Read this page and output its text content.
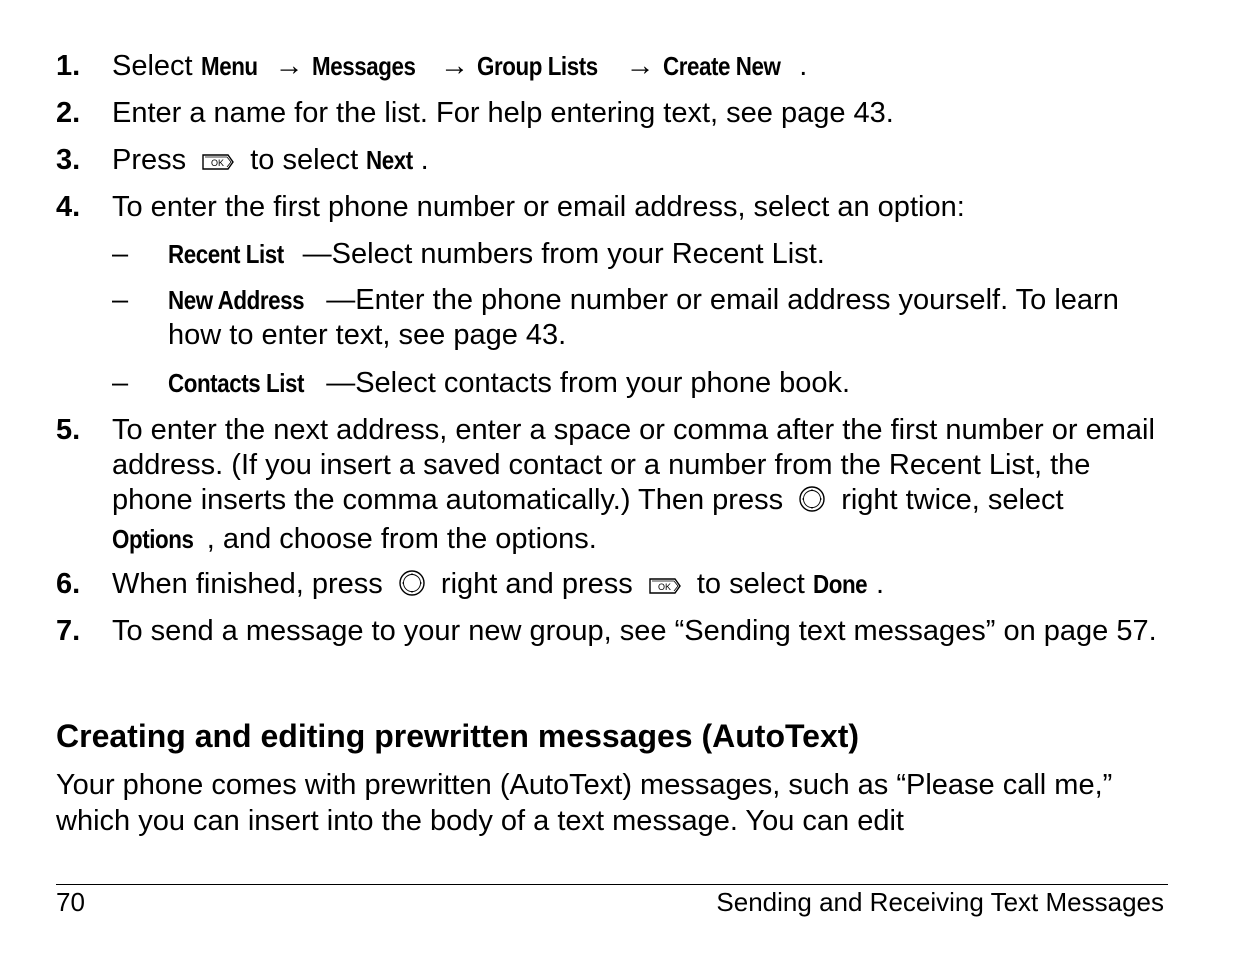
1. Select Menu → Messages → Group Lists → Create New .
2. Enter a name for the list. For help entering text, see page 43.
3. Press OK to select Next .
4. To enter the first phone number or email address, select an option:
– Recent List —Select numbers from your Recent List.
– New Address —Enter the phone number or email address yourself. To learn how to enter text, see page 43.
– Contacts List —Select contacts from your phone book.
5. To enter the next address, enter a space or comma after the first number or email address. (If you insert a saved contact or a number from the Recent List, the phone inserts the comma automatically.) Then press  right twice, select Options , and choose from the options.
6. When finished, press  right and press OK to select Done .
7. To send a message to your new group, see “Sending text messages” on page 57.
Creating and editing prewritten messages (AutoText)
Your phone comes with prewritten (AutoText) messages, such as “Please call me,” which you can insert into the body of a text message. You can edit
70	Sending and Receiving Text Messages
